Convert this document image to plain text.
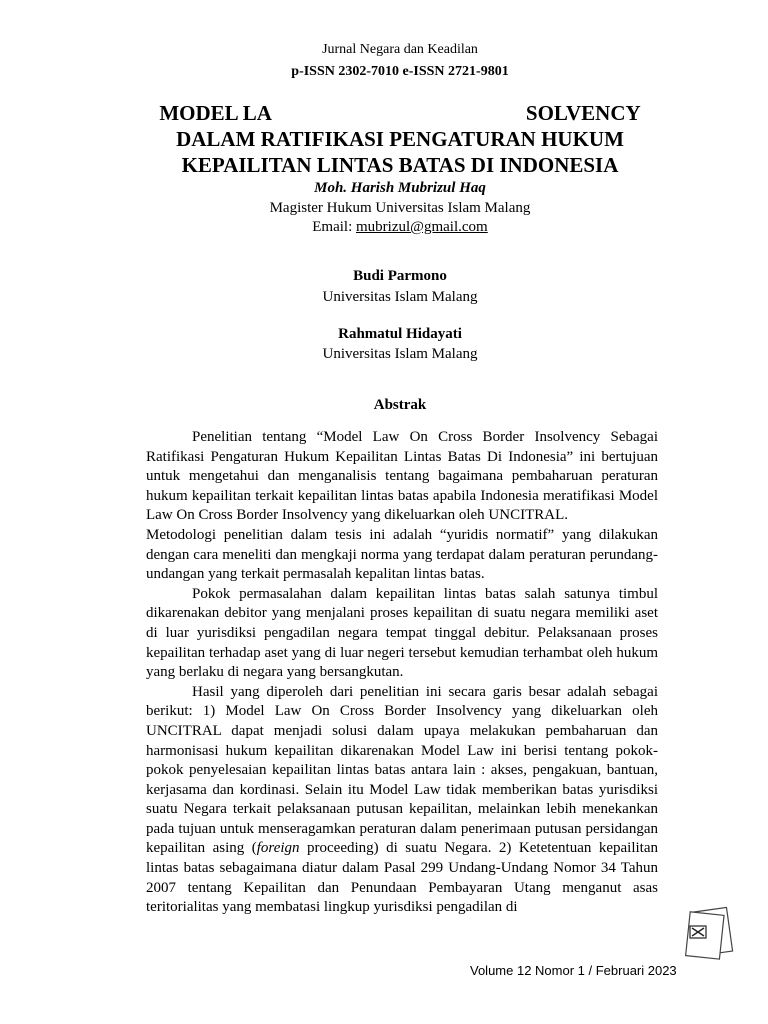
Jurnal Negara dan Keadilan
p-ISSN 2302-7010 e-ISSN 2721-9801
MODEL LAW ON CROSS BORDER INSOLVENCY
DALAM RATIFIKASI PENGATURAN HUKUM
KEPAILITAN LINTAS BATAS DI INDONESIA
Moh. Harish Mubrizul Haq
Magister Hukum Universitas Islam Malang
Email: mubrizul@gmail.com
Budi Parmono
Universitas Islam Malang
Rahmatul Hidayati
Universitas Islam Malang
Abstrak

Penelitian tentang “Model Law On Cross Border Insolvency Sebagai Ratifikasi Pengaturan Hukum Kepailitan Lintas Batas Di Indonesia” ini bertujuan untuk mengetahui dan menganalisis tentang bagaimana pembaharuan peraturan hukum kepailitan terkait kepailitan lintas batas apabila Indonesia meratifikasi Model Law On Cross Border Insolvency yang dikeluarkan oleh UNCITRAL.

Metodologi penelitian dalam tesis ini adalah “yuridis normatif” yang dilakukan dengan cara meneliti dan mengkaji norma yang terdapat dalam peraturan perundang-undangan yang terkait permasalah kepalitan lintas batas.

Pokok permasalahan dalam kepailitan lintas batas salah satunya timbul dikarenakan debitor yang menjalani proses kepailitan di suatu negara memiliki aset di luar yurisdiksi pengadilan negara tempat tinggal debitur. Pelaksanaan proses kepailitan terhadap aset yang di luar negeri tersebut kemudian terhambat oleh hukum yang berlaku di negara yang bersangkutan.

Hasil yang diperoleh dari penelitian ini secara garis besar adalah sebagai berikut: 1) Model Law On Cross Border Insolvency yang dikeluarkan oleh UNCITRAL dapat menjadi solusi dalam upaya melakukan pembaharuan dan harmonisasi hukum kepailitan dikarenakan Model Law ini berisi tentang pokok-pokok penyelesaian kepailitan lintas batas antara lain : akses, pengakuan, bantuan, kerjasama dan kordinasi. Selain itu Model Law tidak memberikan batas yurisdiksi suatu Negara terkait pelaksanaan putusan kepailitan, melainkan lebih menekankan pada tujuan untuk menseragamkan peraturan dalam penerimaan putusan persidangan kepailitan asing (foreign proceeding) di suatu Negara. 2) Ketetentuan kepailitan lintas batas sebagaimana diatur dalam Pasal 299 Undang-Undang Nomor 34 Tahun 2007 tentang Kepailitan dan Penundaan Pembayaran Utang menganut asas teritorialitas yang membatasi lingkup yurisdiksi pengadilan di

Volume 12 Nomor 1 / Februari 2023
